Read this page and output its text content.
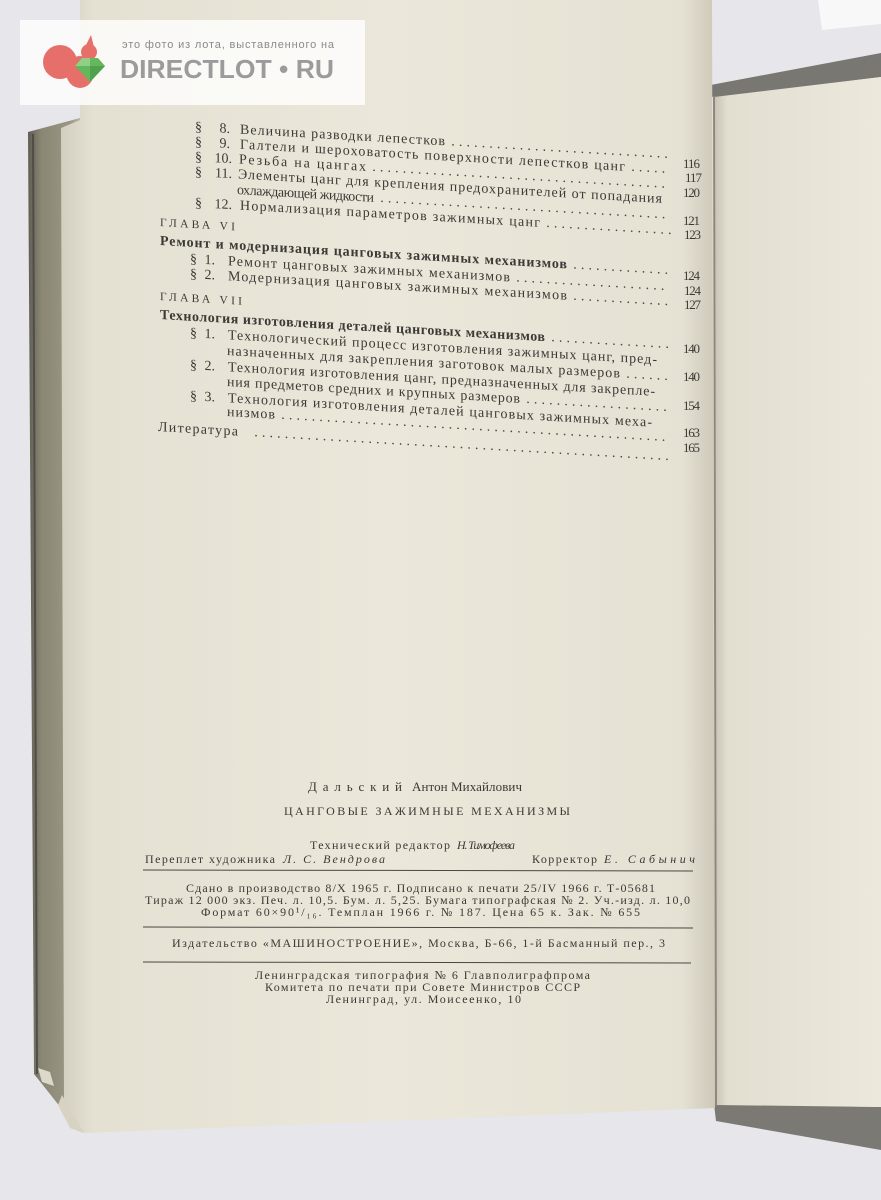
это фото из лота, выставленного на
DIRECTLOT • RU
§ 8. Величина разводки лепестков
§ 9. Галтели и шероховатость поверхности лепестков цанг
§ 10. Резьба на цангах
§ 11. Элементы цанг для крепления предохранителей от попадания
охлаждающей жидкости
§ 12. Нормализация параметров зажимных цанг
ГЛАВА VI
Ремонт и модернизация цанговых зажимных механизмов
§ 1. Ремонт цанговых зажимных механизмов
§ 2. Модернизация цанговых зажимных механизмов
ГЛАВА VII
Технология изготовления деталей цанговых механизмов
§ 1. Технологический процесс изготовления зажимных цанг, пред-
назначенных для закрепления заготовок малых размеров
§ 2. Технология изготовления цанг, предназначенных для закрепле-
ния предметов средних и крупных размеров
§ 3. Технология изготовления деталей цанговых зажимных меха-
низмов
Литература
116
117
120
121
123
124
124
127
140
140
154
163
165
Дальский Антон Михайлович
ЦАНГОВЫЕ ЗАЖИМНЫЕ МЕХАНИЗМЫ
Технический редактор Н. Тимофеева
Переплет художника Л. С. Вендрова	Корректор Е. Сабынич
Сдано в производство 8/X 1965 г. Подписано к печати 25/IV 1966 г. Т-05681
Тираж 12 000 экз. Печ. л. 10,5. Бум. л. 5,25. Бумага типографская № 2. Уч.-изд. л. 10,0
Формат 60×90¹/₁₆. Темплан 1966 г. № 187. Цена 65 к. Зак. № 655
Издательство «МАШИНОСТРОЕНИЕ», Москва, Б-66, 1-й Басманный пер., 3
Ленинградская типография № 6 Главполиграфпрома
Комитета по печати при Совете Министров СССР
Ленинград, ул. Моисеенко, 10
